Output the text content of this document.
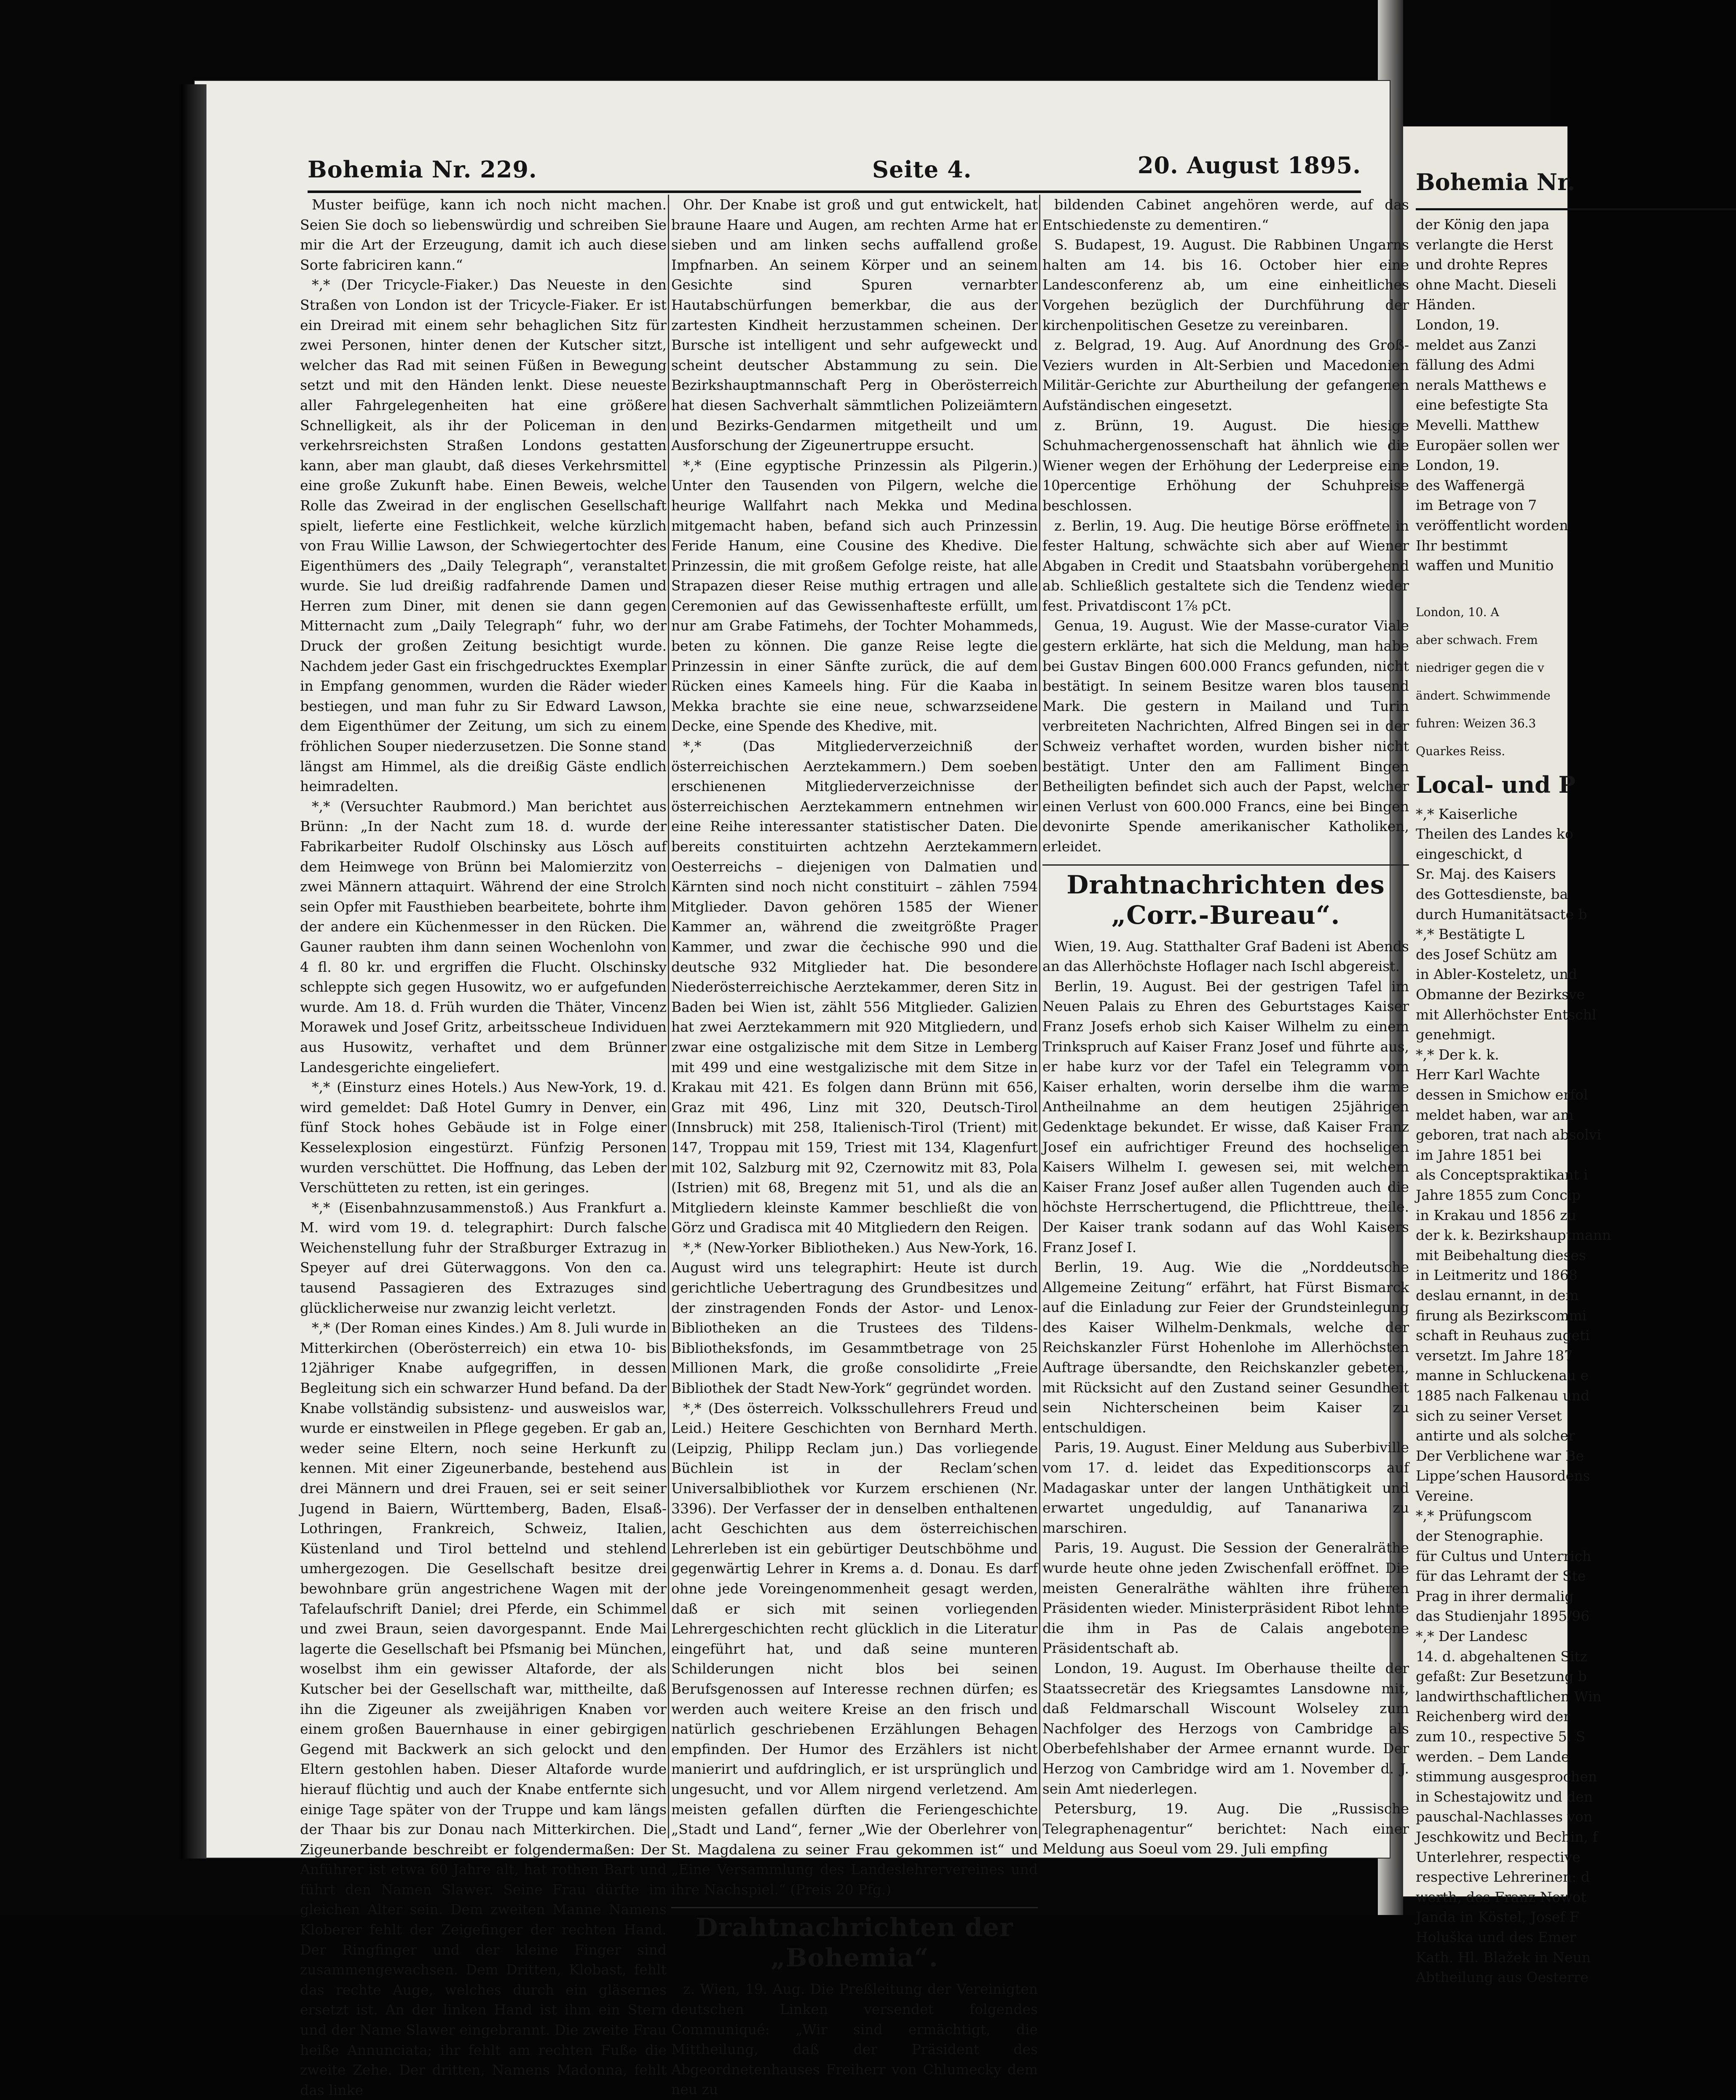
Bohemia Nr.
der König den japa
verlangte die Herst
und drohte Repres
ohne Macht. Dieseli
Händen.
London, 19.
meldet aus Zanzi
fällung des Admi
nerals Matthews e
eine befestigte Sta
Mevelli. Matthew
Europäer sollen wer
London, 19.
des Waffenergä
im Betrage von 7
veröffentlicht worden
Ihr bestimmt
waffen und Munitio

London, 10. A

aber schwach. Frem

niedriger gegen die v

ändert. Schwimmende

fuhren: Weizen 36.3

Quarkes Reiss.

Local- und P
*,* Kaiserliche
Theilen des Landes ko
eingeschickt, d
Sr. Maj. des Kaisers
des Gottesdienste, ba
durch Humanitätsacte b
*,* Bestätigte L
des Josef Schütz am
in Abler-Kosteletz, und
Obmanne der Bezirksve
mit Allerhöchster Entschl
genehmigt.
*,* Der k. k.
Herr Karl Wachte
dessen in Smichow erfol
meldet haben, war am
geboren, trat nach absolvi
im Jahre 1851 bei
als Conceptspraktikant i
Jahre 1855 zum Concip
in Krakau und 1856 zu
der k. k. Bezirkshauptmann
mit Beibehaltung dieses
in Leitmeritz und 1868
deslau ernannt, in dem
firung als Bezirkscommi
schaft in Reuhaus zugeti
versetzt. Im Jahre 187
manne in Schluckenau e
1885 nach Falkenau und
sich zu seiner Verset
antirte und als solcher
Der Verblichene war Be
Lippe’schen Hausordens
Vereine.
*,* Prüfungscom
der Stenographie.
für Cultus und Unterrich
für das Lehramt der Ste
Prag in ihrer dermalig
das Studienjahr 1895/96
*,* Der Landesc
14. d. abgehaltenen Sitz
gefaßt: Zur Besetzung b
landwirthschaftlichen Win
Reichenberg wird der
zum 10., respective 5. S
werden. – Dem Lande
stimmung ausgesprochen
in Schestajowitz und den
pauschal-Nachlasses von
Jeschkowitz und Bechin, f
Unterlehrer, respective
respective Lehrerinen: d
werth, des Franz Nowot
Janda in Köstel, Josef F
Holuška und des Emer
Kath. Hl. Blažek in Neun
Abtheilung aus Oesterre
Bohemia Nr. 229.	Seite 4.	20. August 1895.

Muster beifüge, kann ich noch nicht machen. Seien Sie doch so liebenswürdig und schreiben Sie mir die Art der Erzeugung, damit ich auch diese Sorte fabriciren kann.“

*,* (Der Tricycle-Fiaker.) Das Neueste in den Straßen von London ist der Tricycle-Fiaker. Er ist ein Dreirad mit einem sehr behaglichen Sitz für zwei Personen, hinter denen der Kutscher sitzt, welcher das Rad mit seinen Füßen in Bewegung setzt und mit den Händen lenkt. Diese neueste aller Fahrgelegenheiten hat eine größere Schnelligkeit, als ihr der Policeman in den verkehrsreichsten Straßen Londons gestatten kann, aber man glaubt, daß dieses Verkehrsmittel eine große Zukunft habe. Einen Beweis, welche Rolle das Zweirad in der englischen Gesellschaft spielt, lieferte eine Festlichkeit, welche kürzlich von Frau Willie Lawson, der Schwiegertochter des Eigenthümers des „Daily Telegraph“, veranstaltet wurde. Sie lud dreißig radfahrende Damen und Herren zum Diner, mit denen sie dann gegen Mitternacht zum „Daily Telegraph“ fuhr, wo der Druck der großen Zeitung besichtigt wurde. Nachdem jeder Gast ein frischgedrucktes Exemplar in Empfang genommen, wurden die Räder wieder bestiegen, und man fuhr zu Sir Edward Lawson, dem Eigenthümer der Zeitung, um sich zu einem fröhlichen Souper niederzusetzen. Die Sonne stand längst am Himmel, als die dreißig Gäste endlich heimradelten.

*,* (Versuchter Raubmord.) Man berichtet aus Brünn: „In der Nacht zum 18. d. wurde der Fabrikarbeiter Rudolf Olschinsky aus Lösch auf dem Heimwege von Brünn bei Malomierzitz von zwei Männern attaquirt. Während der eine Strolch sein Opfer mit Fausthieben bearbeitete, bohrte ihm der andere ein Küchenmesser in den Rücken. Die Gauner raubten ihm dann seinen Wochenlohn von 4 fl. 80 kr. und ergriffen die Flucht. Olschinsky schleppte sich gegen Husowitz, wo er aufgefunden wurde. Am 18. d. Früh wurden die Thäter, Vincenz Morawek und Josef Gritz, arbeitsscheue Individuen aus Husowitz, verhaftet und dem Brünner Landesgerichte eingeliefert.

*,* (Einsturz eines Hotels.) Aus New-York, 19. d. wird gemeldet: Daß Hotel Gumry in Denver, ein fünf Stock hohes Gebäude ist in Folge einer Kesselexplosion eingestürzt. Fünfzig Personen wurden verschüttet. Die Hoffnung, das Leben der Verschütteten zu retten, ist ein geringes.

*,* (Eisenbahnzusammenstoß.) Aus Frankfurt a. M. wird vom 19. d. telegraphirt: Durch falsche Weichenstellung fuhr der Straßburger Extrazug in Speyer auf drei Güterwaggons. Von den ca. tausend Passagieren des Extrazuges sind glücklicherweise nur zwanzig leicht verletzt.

*,* (Der Roman eines Kindes.) Am 8. Juli wurde in Mitterkirchen (Oberösterreich) ein etwa 10- bis 12jähriger Knabe aufgegriffen, in dessen Begleitung sich ein schwarzer Hund befand. Da der Knabe vollständig subsistenz- und ausweislos war, wurde er einstweilen in Pflege gegeben. Er gab an, weder seine Eltern, noch seine Herkunft zu kennen. Mit einer Zigeunerbande, bestehend aus drei Männern und drei Frauen, sei er seit seiner Jugend in Baiern, Württemberg, Baden, Elsaß-Lothringen, Frankreich, Schweiz, Italien, Küstenland und Tirol bettelnd und stehlend umhergezogen. Die Gesellschaft besitze drei bewohnbare grün angestrichene Wagen mit der Tafelaufschrift Daniel; drei Pferde, ein Schimmel und zwei Braun, seien davorgespannt. Ende Mai lagerte die Gesellschaft bei Pfsmanig bei München, woselbst ihm ein gewisser Altaforde, der als Kutscher bei der Gesellschaft war, mittheilte, daß ihn die Zigeuner als zweijährigen Knaben vor einem großen Bauernhause in einer gebirgigen Gegend mit Backwerk an sich gelockt und den Eltern gestohlen haben. Dieser Altaforde wurde hierauf flüchtig und auch der Knabe entfernte sich einige Tage später von der Truppe und kam längs der Thaar bis zur Donau nach Mitterkirchen. Die Zigeunerbande beschreibt er folgendermaßen: Der Anführer ist etwa 60 Jahre alt, hat rothen Bart und führt den Namen Slawer. Seine Frau dürfte im gleichen Alter sein. Dem zweiten Manne Namens Kloberer fehlt der Zeigefinger der rechten Hand. Der Ringfinger und der kleine Finger sind zusammengewachsen. Dem Dritten, Klobast, fehlt das rechte Auge, welches durch ein gläsernes ersetzt ist. An der linken Hand ist ihm ein Stern und der Name Slawer eingebrannt. Die zweite Frau heiße Annunciata; ihr fehlt am rechten Fuße die zweite Zehe. Der dritten, Namens Madonna, fehlt das linke

Ohr. Der Knabe ist groß und gut entwickelt, hat braune Haare und Augen, am rechten Arme hat er sieben und am linken sechs auffallend große Impfnarben. An seinem Körper und an seinem Gesichte sind Spuren vernarbter Hautabschürfungen bemerkbar, die aus der zartesten Kindheit herzustammen scheinen. Der Bursche ist intelligent und sehr aufgeweckt und scheint deutscher Abstammung zu sein. Die Bezirkshauptmannschaft Perg in Oberösterreich hat diesen Sachverhalt sämmtlichen Polizeiämtern und Bezirks-Gendarmen mitgetheilt und um Ausforschung der Zigeunertruppe ersucht.

*,* (Eine egyptische Prinzessin als Pilgerin.) Unter den Tausenden von Pilgern, welche die heurige Wallfahrt nach Mekka und Medina mitgemacht haben, befand sich auch Prinzessin Feride Hanum, eine Cousine des Khedive. Die Prinzessin, die mit großem Gefolge reiste, hat alle Strapazen dieser Reise muthig ertragen und alle Ceremonien auf das Gewissenhafteste erfüllt, um nur am Grabe Fatimehs, der Tochter Mohammeds, beten zu können. Die ganze Reise legte die Prinzessin in einer Sänfte zurück, die auf dem Rücken eines Kameels hing. Für die Kaaba in Mekka brachte sie eine neue, schwarzseidene Decke, eine Spende des Khedive, mit.

*,* (Das Mitgliederverzeichniß der österreichischen Aerztekammern.) Dem soeben erschienenen Mitgliederverzeichnisse der österreichischen Aerztekammern entnehmen wir eine Reihe interessanter statistischer Daten. Die bereits constituirten achtzehn Aerztekammern Oesterreichs – diejenigen von Dalmatien und Kärnten sind noch nicht constituirt – zählen 7594 Mitglieder. Davon gehören 1585 der Wiener Kammer an, während die zweitgrößte Prager Kammer, und zwar die čechische 990 und die deutsche 932 Mitglieder hat. Die besondere Niederösterreichische Aerztekammer, deren Sitz in Baden bei Wien ist, zählt 556 Mitglieder. Galizien hat zwei Aerztekammern mit 920 Mitgliedern, und zwar eine ostgalizische mit dem Sitze in Lemberg mit 499 und eine westgalizische mit dem Sitze in Krakau mit 421. Es folgen dann Brünn mit 656, Graz mit 496, Linz mit 320, Deutsch-Tirol (Innsbruck) mit 258, Italienisch-Tirol (Trient) mit 147, Troppau mit 159, Triest mit 134, Klagenfurt mit 102, Salzburg mit 92, Czernowitz mit 83, Pola (Istrien) mit 68, Bregenz mit 51, und als die an Mitgliedern kleinste Kammer beschließt die von Görz und Gradisca mit 40 Mitgliedern den Reigen.

*,* (New-Yorker Bibliotheken.) Aus New-York, 16. August wird uns telegraphirt: Heute ist durch gerichtliche Uebertragung des Grundbesitzes und der zinstragenden Fonds der Astor- und Lenox-Bibliotheken an die Trustees des Tildens-Bibliotheksfonds, im Gesammtbetrage von 25 Millionen Mark, die große consolidirte „Freie Bibliothek der Stadt New-York“ gegründet worden.

*,* (Des österreich. Volksschullehrers Freud und Leid.) Heitere Geschichten von Bernhard Merth. (Leipzig, Philipp Reclam jun.) Das vorliegende Büchlein ist in der Reclam’schen Universalbibliothek vor Kurzem erschienen (Nr. 3396). Der Verfasser der in denselben enthaltenen acht Geschichten aus dem österreichischen Lehrerleben ist ein gebürtiger Deutschböhme und gegenwärtig Lehrer in Krems a. d. Donau. Es darf ohne jede Voreingenommenheit gesagt werden, daß er sich mit seinen vorliegenden Lehrergeschichten recht glücklich in die Literatur eingeführt hat, und daß seine munteren Schilderungen nicht blos bei seinen Berufsgenossen auf Interesse rechnen dürfen; es werden auch weitere Kreise an den frisch und natürlich geschriebenen Erzählungen Behagen empfinden. Der Humor des Erzählers ist nicht manierirt und aufdringlich, er ist ursprünglich und ungesucht, und vor Allem nirgend verletzend. Am meisten gefallen dürften die Feriengeschichte „Stadt und Land“, ferner „Wie der Oberlehrer von St. Magdalena zu seiner Frau gekommen ist“ und „Eine Versammlung des Landeslehrervereines und ihre Nachspiel.“ (Preis 20 Pfg.)

Drahtnachrichten der „Bohemia“.

z. Wien, 19. Aug. Die Preßleitung der Vereinigten deutschen Linken versendet folgendes Communiqué: „Wir sind ermächtigt, die Mittheilung, daß der Präsident des Abgeordnetenhauses Freiherr von Chlumecky dem neu zu

bildenden Cabinet angehören werde, auf das Entschiedenste zu dementiren.“

S. Budapest, 19. August. Die Rabbinen Ungarns halten am 14. bis 16. October hier eine Landesconferenz ab, um eine einheitliches Vorgehen bezüglich der Durchführung der kirchenpolitischen Gesetze zu vereinbaren.

z. Belgrad, 19. Aug. Auf Anordnung des Groß-Veziers wurden in Alt-Serbien und Macedonien Militär-Gerichte zur Aburtheilung der gefangenen Aufständischen eingesetzt.

z. Brünn, 19. August. Die hiesige Schuhmachergenossenschaft hat ähnlich wie die Wiener wegen der Erhöhung der Lederpreise eine 10percentige Erhöhung der Schuhpreise beschlossen.

z. Berlin, 19. Aug. Die heutige Börse eröffnete in fester Haltung, schwächte sich aber auf Wiener Abgaben in Credit und Staatsbahn vorübergehend ab. Schließlich gestaltete sich die Tendenz wieder fest. Privatdiscont 1⅞ pCt.

Genua, 19. August. Wie der Masse-curator Viale gestern erklärte, hat sich die Meldung, man habe bei Gustav Bingen 600.000 Francs gefunden, nicht bestätigt. In seinem Besitze waren blos tausend Mark. Die gestern in Mailand und Turin verbreiteten Nachrichten, Alfred Bingen sei in der Schweiz verhaftet worden, wurden bisher nicht bestätigt. Unter den am Falliment Bingen Betheiligten befindet sich auch der Papst, welcher einen Verlust von 600.000 Francs, eine bei Bingen devonirte Spende amerikanischer Katholiken, erleidet.

Drahtnachrichten des „Corr.-Bureau“.

Wien, 19. Aug. Statthalter Graf Badeni ist Abends an das Allerhöchste Hoflager nach Ischl abgereist.

Berlin, 19. August. Bei der gestrigen Tafel im Neuen Palais zu Ehren des Geburtstages Kaiser Franz Josefs erhob sich Kaiser Wilhelm zu einem Trinkspruch auf Kaiser Franz Josef und führte aus, er habe kurz vor der Tafel ein Telegramm vom Kaiser erhalten, worin derselbe ihm die warme Antheilnahme an dem heutigen 25jährigen Gedenktage bekundet. Er wisse, daß Kaiser Franz Josef ein aufrichtiger Freund des hochseligen Kaisers Wilhelm I. gewesen sei, mit welchem Kaiser Franz Josef außer allen Tugenden auch die höchste Herrschertugend, die Pflichttreue, theile. Der Kaiser trank sodann auf das Wohl Kaisers Franz Josef I.

Berlin, 19. Aug. Wie die „Norddeutsche Allgemeine Zeitung“ erfährt, hat Fürst Bismarck auf die Einladung zur Feier der Grundsteinlegung des Kaiser Wilhelm-Denkmals, welche der Reichskanzler Fürst Hohenlohe im Allerhöchsten Auftrage übersandte, den Reichskanzler gebeten, mit Rücksicht auf den Zustand seiner Gesundheit sein Nichterscheinen beim Kaiser zu entschuldigen.

Paris, 19. August. Einer Meldung aus Suberbiville vom 17. d. leidet das Expeditionscorps auf Madagaskar unter der langen Unthätigkeit und erwartet ungeduldig, auf Tananariwa zu marschiren.

Paris, 19. August. Die Session der Generalräthe wurde heute ohne jeden Zwischenfall eröffnet. Die meisten Generalräthe wählten ihre früheren Präsidenten wieder. Ministerpräsident Ribot lehnte die ihm in Pas de Calais angebotene Präsidentschaft ab.

London, 19. August. Im Oberhause theilte der Staatssecretär des Kriegsamtes Lansdowne mit, daß Feldmarschall Wiscount Wolseley zum Nachfolger des Herzogs von Cambridge als Oberbefehlshaber der Armee ernannt wurde. Der Herzog von Cambridge wird am 1. November d. J. sein Amt niederlegen.

Petersburg, 19. Aug. Die „Russische Telegraphenagentur“ berichtet: Nach einer Meldung aus Soeul vom 29. Juli empfing
